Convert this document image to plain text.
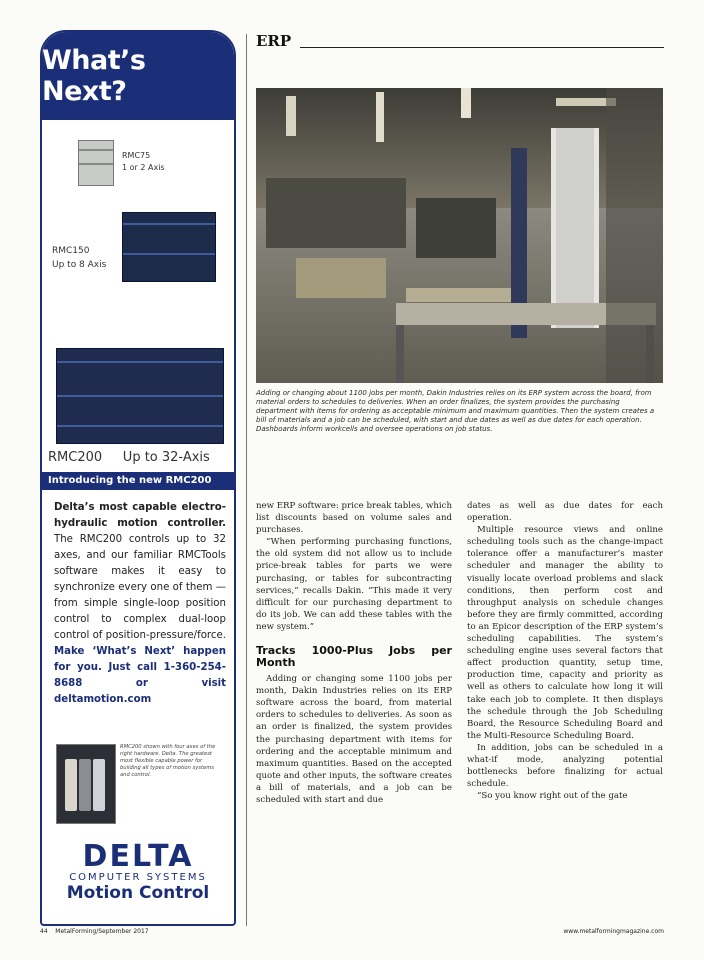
What’s Next?
RMC75
1 or 2 Axis
RMC150
Up to 8 Axis
RMC200     Up to 32-Axis
Introducing the new RMC200
Delta’s most capable electro-hydraulic motion controller. The RMC200 controls up to 32 axes, and our familiar RMCTools software makes it easy to synchronize every one of them — from simple single-loop position control to complex dual-loop control of position-pressure/force. Make ‘What’s Next’ happen for you. Just call 1-360-254-8688 or visit deltamotion.com
RMC200 shown with four axes of the right hardware. Delta. The greatest most flexible capable power for building all types of motion systems and control.
DELTA
COMPUTER SYSTEMS
Motion Control
ERP
Adding or changing about 1100 jobs per month, Dakin Industries relies on its ERP system across the board, from material orders to schedules to deliveries. When an order finalizes, the system provides the purchasing department with items for ordering as acceptable minimum and maximum quantities. Then the system creates a bill of materials and a job can be scheduled, with start and due dates as well as due dates for each operation. Dashboards inform workcells and oversee operations on job status.

new ERP software: price break tables, which list discounts based on volume sales and purchases.

“When performing purchasing functions, the old system did not allow us to include price-break tables for parts we were purchasing, or tables for subcontracting services,” recalls Dakin. “This made it very difficult for our purchasing department to do its job. We can add these tables with the new system.”

Tracks 1000-Plus Jobs per Month

Adding or changing some 1100 jobs per month, Dakin Industries relies on its ERP software across the board, from material orders to schedules to deliveries. As soon as an order is finalized, the system provides the purchasing department with items for ordering and the acceptable minimum and maximum quantities. Based on the accepted quote and other inputs, the software creates a bill of materials, and a job can be scheduled with start and due

dates as well as due dates for each operation.

Multiple resource views and online scheduling tools such as the change-impact tolerance offer a manufacturer’s master scheduler and manager the ability to visually locate overload problems and slack conditions, then perform cost and throughput analysis on schedule changes before they are firmly committed, according to an Epicor description of the ERP system’s scheduling capabilities. The system’s scheduling engine uses several factors that affect production quantity, setup time, production time, capacity and priority as well as others to calculate how long it will take each job to complete. It then displays the schedule through the Job Scheduling Board, the Resource Scheduling Board and the Multi-Resource Scheduling Board.

In addition, jobs can be scheduled in a what-if mode, analyzing potential bottlenecks before finalizing for actual schedule.

“So you know right out of the gate

44    MetalForming/September 2017	www.metalformingmagazine.com
